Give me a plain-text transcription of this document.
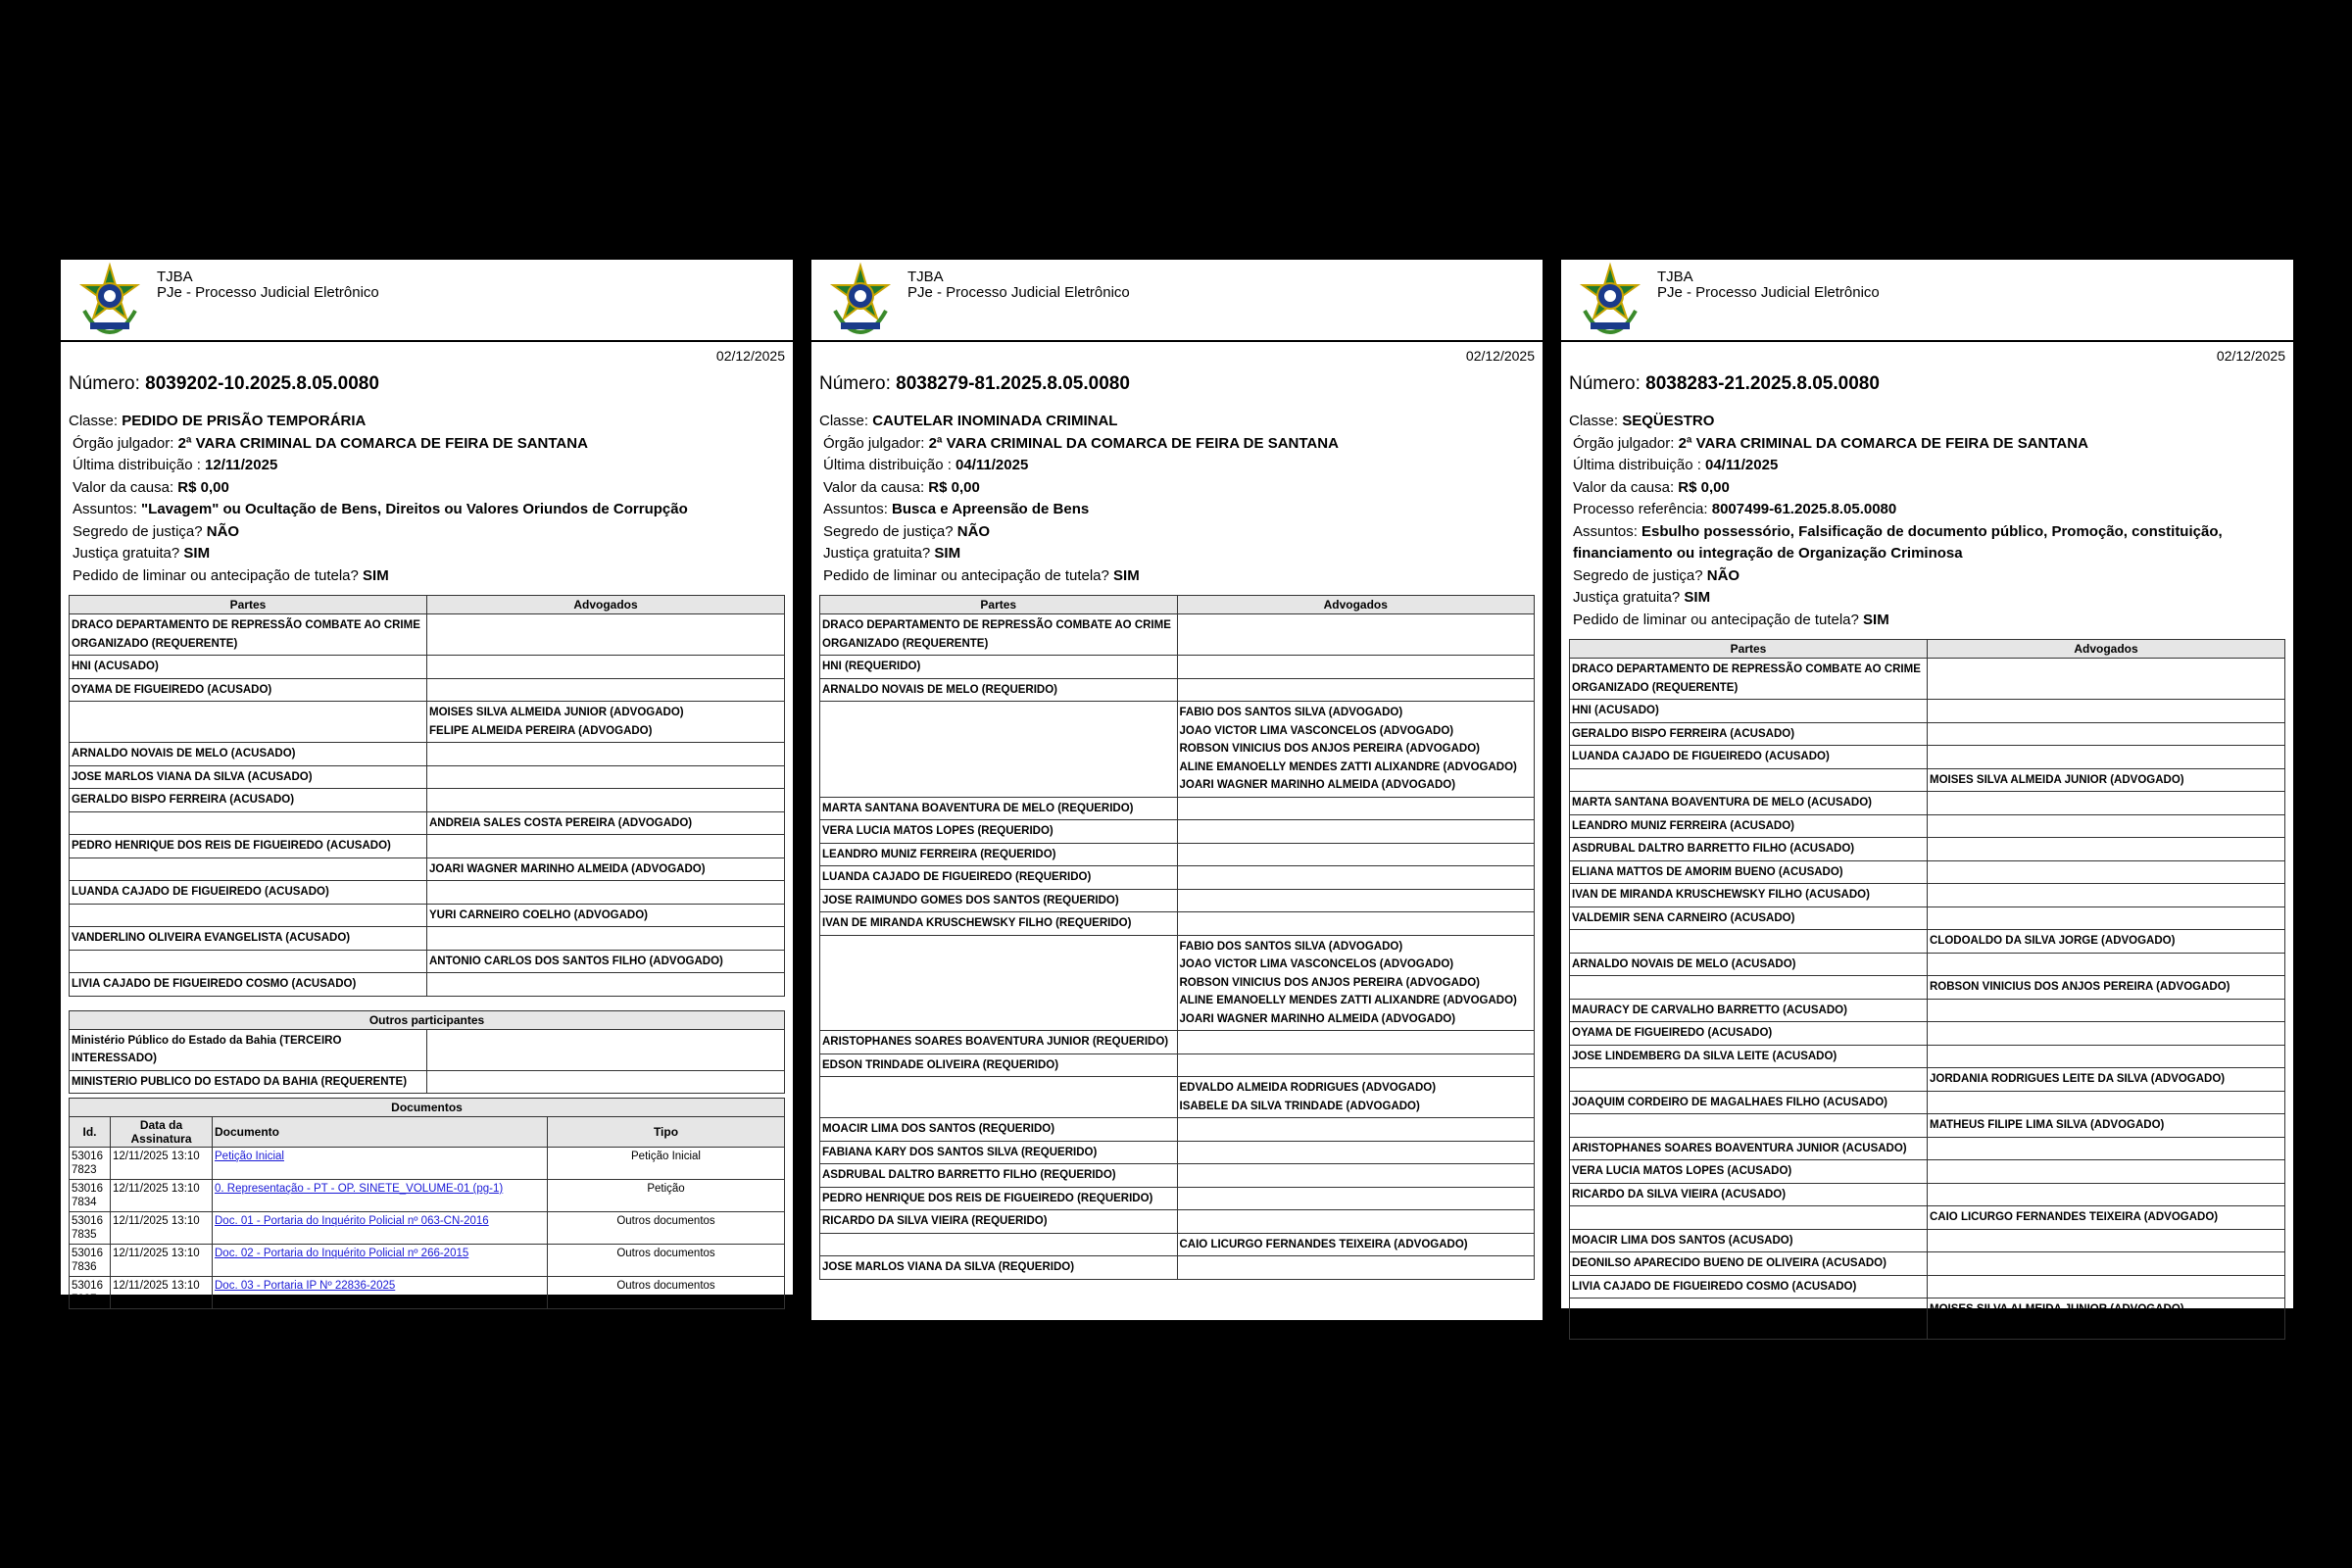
TJBA
PJe - Processo Judicial Eletrônico
02/12/2025
Número: 8039202-10.2025.8.05.0080
Classe: PEDIDO DE PRISÃO TEMPORÁRIA
Órgão julgador: 2ª VARA CRIMINAL DA COMARCA DE FEIRA DE SANTANA
Última distribuição : 12/11/2025
Valor da causa: R$ 0,00
Assuntos: "Lavagem" ou Ocultação de Bens, Direitos ou Valores Oriundos de Corrupção
Segredo de justiça? NÃO
Justiça gratuita? SIM
Pedido de liminar ou antecipação de tutela? SIM
Partes	Advogados
DRACO DEPARTAMENTO DE REPRESSÃO COMBATE AO CRIME ORGANIZADO (REQUERENTE)	
HNI (ACUSADO)	
OYAMA DE FIGUEIREDO (ACUSADO)	
	MOISES SILVA ALMEIDA JUNIOR (ADVOGADO)
FELIPE ALMEIDA PEREIRA (ADVOGADO)
ARNALDO NOVAIS DE MELO (ACUSADO)	
JOSE MARLOS VIANA DA SILVA (ACUSADO)	
GERALDO BISPO FERREIRA (ACUSADO)	
	ANDREIA SALES COSTA PEREIRA (ADVOGADO)
PEDRO HENRIQUE DOS REIS DE FIGUEIREDO (ACUSADO)	
	JOARI WAGNER MARINHO ALMEIDA (ADVOGADO)
LUANDA CAJADO DE FIGUEIREDO (ACUSADO)	
	YURI CARNEIRO COELHO (ADVOGADO)
VANDERLINO OLIVEIRA EVANGELISTA (ACUSADO)	
	ANTONIO CARLOS DOS SANTOS FILHO (ADVOGADO)
LIVIA CAJADO DE FIGUEIREDO COSMO (ACUSADO)	
Outros participantes	
Ministério Público do Estado da Bahia (TERCEIRO INTERESSADO)	
MINISTERIO PUBLICO DO ESTADO DA BAHIA (REQUERENTE)	
Documentos			
Id.	Data da Assinatura	Documento	Tipo
53016 7823	12/11/2025 13:10	Petição Inicial	Petição Inicial
53016 7834	12/11/2025 13:10	0. Representação - PT - OP. SINETE_VOLUME-01 (pg-1)	Petição
53016 7835	12/11/2025 13:10	Doc. 01 - Portaria do Inquérito Policial nº 063-CN-2016	Outros documentos
53016 7836	12/11/2025 13:10	Doc. 02 - Portaria do Inquérito Policial nº 266-2015	Outros documentos
53016 7837	12/11/2025 13:10	Doc. 03 - Portaria IP Nº 22836-2025	Outros documentos
TJBA
PJe - Processo Judicial Eletrônico
02/12/2025
Número: 8038279-81.2025.8.05.0080
Classe: CAUTELAR INOMINADA CRIMINAL
Órgão julgador: 2ª VARA CRIMINAL DA COMARCA DE FEIRA DE SANTANA
Última distribuição : 04/11/2025
Valor da causa: R$ 0,00
Assuntos: Busca e Apreensão de Bens
Segredo de justiça? NÃO
Justiça gratuita? SIM
Pedido de liminar ou antecipação de tutela? SIM
Partes	Advogados
DRACO DEPARTAMENTO DE REPRESSÃO COMBATE AO CRIME ORGANIZADO (REQUERENTE)	
HNI (REQUERIDO)	
ARNALDO NOVAIS DE MELO (REQUERIDO)	
	FABIO DOS SANTOS SILVA (ADVOGADO)
JOAO VICTOR LIMA VASCONCELOS (ADVOGADO)
ROBSON VINICIUS DOS ANJOS PEREIRA (ADVOGADO)
ALINE EMANOELLY MENDES ZATTI ALIXANDRE (ADVOGADO)
JOARI WAGNER MARINHO ALMEIDA (ADVOGADO)
MARTA SANTANA BOAVENTURA DE MELO (REQUERIDO)	
VERA LUCIA MATOS LOPES (REQUERIDO)	
LEANDRO MUNIZ FERREIRA (REQUERIDO)	
LUANDA CAJADO DE FIGUEIREDO (REQUERIDO)	
JOSE RAIMUNDO GOMES DOS SANTOS (REQUERIDO)	
IVAN DE MIRANDA KRUSCHEWSKY FILHO (REQUERIDO)	
	FABIO DOS SANTOS SILVA (ADVOGADO)
JOAO VICTOR LIMA VASCONCELOS (ADVOGADO)
ROBSON VINICIUS DOS ANJOS PEREIRA (ADVOGADO)
ALINE EMANOELLY MENDES ZATTI ALIXANDRE (ADVOGADO)
JOARI WAGNER MARINHO ALMEIDA (ADVOGADO)
ARISTOPHANES SOARES BOAVENTURA JUNIOR (REQUERIDO)	
EDSON TRINDADE OLIVEIRA (REQUERIDO)	
	EDVALDO ALMEIDA RODRIGUES (ADVOGADO)
ISABELE DA SILVA TRINDADE (ADVOGADO)
MOACIR LIMA DOS SANTOS (REQUERIDO)	
FABIANA KARY DOS SANTOS SILVA (REQUERIDO)	
ASDRUBAL DALTRO BARRETTO FILHO (REQUERIDO)	
PEDRO HENRIQUE DOS REIS DE FIGUEIREDO (REQUERIDO)	
RICARDO DA SILVA VIEIRA (REQUERIDO)	
	CAIO LICURGO FERNANDES TEIXEIRA (ADVOGADO)
JOSE MARLOS VIANA DA SILVA (REQUERIDO)	
TJBA
PJe - Processo Judicial Eletrônico
02/12/2025
Número: 8038283-21.2025.8.05.0080
Classe: SEQÜESTRO
Órgão julgador: 2ª VARA CRIMINAL DA COMARCA DE FEIRA DE SANTANA
Última distribuição : 04/11/2025
Valor da causa: R$ 0,00
Processo referência: 8007499-61.2025.8.05.0080
Assuntos: Esbulho possessório, Falsificação de documento público, Promoção, constituição, financiamento ou integração de Organização Criminosa
Segredo de justiça? NÃO
Justiça gratuita? SIM
Pedido de liminar ou antecipação de tutela? SIM
Partes	Advogados
DRACO DEPARTAMENTO DE REPRESSÃO COMBATE AO CRIME ORGANIZADO (REQUERENTE)	
HNI (ACUSADO)	
GERALDO BISPO FERREIRA (ACUSADO)	
LUANDA CAJADO DE FIGUEIREDO (ACUSADO)	
	MOISES SILVA ALMEIDA JUNIOR (ADVOGADO)
MARTA SANTANA BOAVENTURA DE MELO (ACUSADO)	
LEANDRO MUNIZ FERREIRA (ACUSADO)	
ASDRUBAL DALTRO BARRETTO FILHO (ACUSADO)	
ELIANA MATTOS DE AMORIM BUENO (ACUSADO)	
IVAN DE MIRANDA KRUSCHEWSKY FILHO (ACUSADO)	
VALDEMIR SENA CARNEIRO (ACUSADO)	
	CLODOALDO DA SILVA JORGE (ADVOGADO)
ARNALDO NOVAIS DE MELO (ACUSADO)	
	ROBSON VINICIUS DOS ANJOS PEREIRA (ADVOGADO)
MAURACY DE CARVALHO BARRETTO (ACUSADO)	
OYAMA DE FIGUEIREDO (ACUSADO)	
JOSE LINDEMBERG DA SILVA LEITE (ACUSADO)	
	JORDANIA RODRIGUES LEITE DA SILVA (ADVOGADO)
JOAQUIM CORDEIRO DE MAGALHAES FILHO (ACUSADO)	
	MATHEUS FILIPE LIMA SILVA (ADVOGADO)
ARISTOPHANES SOARES BOAVENTURA JUNIOR (ACUSADO)	
VERA LUCIA MATOS LOPES (ACUSADO)	
RICARDO DA SILVA VIEIRA (ACUSADO)	
	CAIO LICURGO FERNANDES TEIXEIRA (ADVOGADO)
MOACIR LIMA DOS SANTOS (ACUSADO)	
DEONILSO APARECIDO BUENO DE OLIVEIRA (ACUSADO)	
LIVIA CAJADO DE FIGUEIREDO COSMO (ACUSADO)	
	MOISES SILVA ALMEIDA JUNIOR (ADVOGADO)
YURI CARNEIRO COELHO (ADVOGADO)
